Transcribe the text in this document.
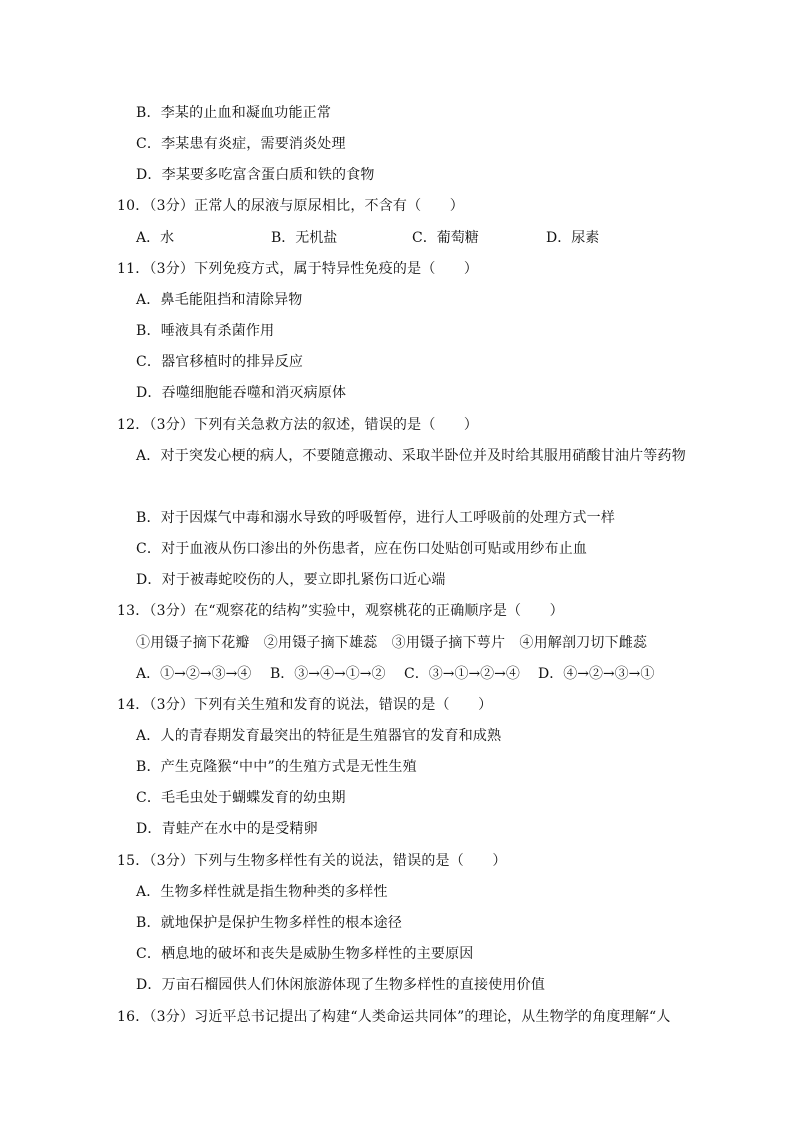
B．李某的止血和凝血功能正常
C．李某患有炎症，需要消炎处理
D．李某要多吃富含蛋白质和铁的食物
10．（3分）正常人的尿液与原尿相比，不含有（　　）
A．水	B．无机盐	C．葡萄糖	D．尿素
11．（3分）下列免疫方式，属于特异性免疫的是（　　）
A．鼻毛能阻挡和清除异物
B．唾液具有杀菌作用
C．器官移植时的排异反应
D．吞噬细胞能吞噬和消灭病原体
12．（3分）下列有关急救方法的叙述，错误的是（　　）
A．对于突发心梗的病人，不要随意搬动、采取半卧位并及时给其服用硝酸甘油片等药物
B．对于因煤气中毒和溺水导致的呼吸暂停，进行人工呼吸前的处理方式一样
C．对于血液从伤口渗出的外伤患者，应在伤口处贴创可贴或用纱布止血
D．对于被毒蛇咬伤的人，要立即扎紧伤口近心端
13．（3分）在“观察花的结构”实验中，观察桃花的正确顺序是（　　）
①用镊子摘下花瓣　②用镊子摘下雄蕊　③用镊子摘下萼片　④用解剖刀切下雌蕊
A．①→②→③→④ B．③→④→①→② C．③→①→②→④ D．④→②→③→①
14．（3分）下列有关生殖和发育的说法，错误的是（　　）
A．人的青春期发育最突出的特征是生殖器官的发育和成熟
B．产生克隆猴“中中”的生殖方式是无性生殖
C．毛毛虫处于蝴蝶发育的幼虫期
D．青蛙产在水中的是受精卵
15．（3分）下列与生物多样性有关的说法，错误的是（　　）
A．生物多样性就是指生物种类的多样性
B．就地保护是保护生物多样性的根本途径
C．栖息地的破坏和丧失是威胁生物多样性的主要原因
D．万亩石榴园供人们休闲旅游体现了生物多样性的直接使用价值
16．（3分）习近平总书记提出了构建“人类命运共同体”的理论，从生物学的角度理解“人
